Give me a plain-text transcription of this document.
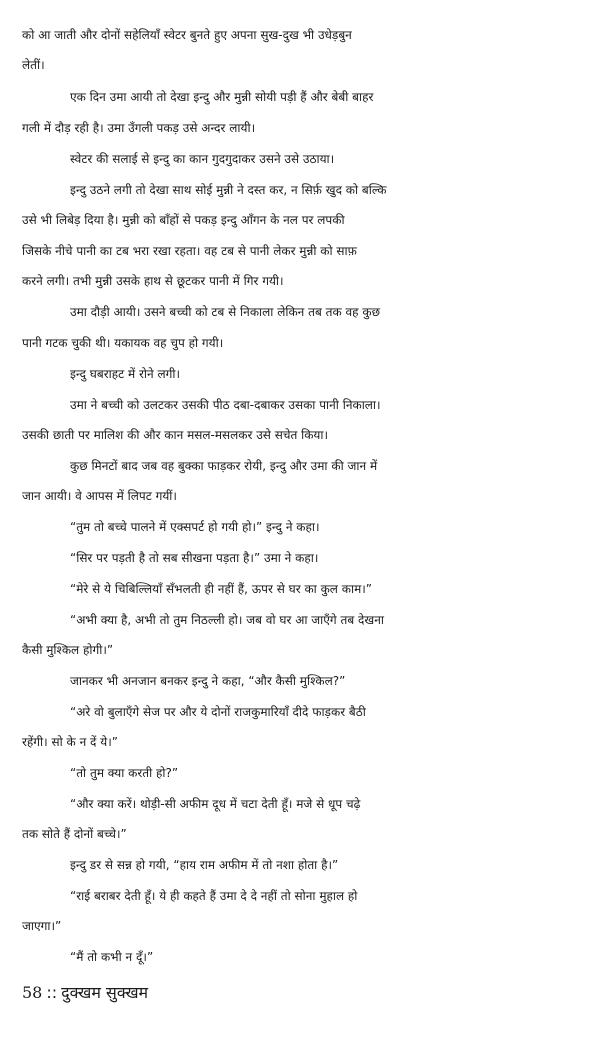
को आ जाती और दोनों सहेलियाँ स्वेटर बुनते हुए अपना सुख-दुख भी उधेड़बुन
लेतीं।
एक दिन उमा आयी तो देखा इन्दु और मुन्नी सोयी पड़ी हैं और बेबी बाहर
गली में दौड़ रही है। उमा उँगली पकड़ उसे अन्दर लायी।
स्वेटर की सलाई से इन्दु का कान गुदगुदाकर उसने उसे उठाया।
इन्दु उठने लगी तो देखा साथ सोई मुन्नी ने दस्त कर, न सिर्फ़ खुद को बल्कि
उसे भी लिबेड़ दिया है। मुन्नी को बाँहों से पकड़ इन्दु आँगन के नल पर लपकी
जिसके नीचे पानी का टब भरा रखा रहता। वह टब से पानी लेकर मुन्नी को साफ़
करने लगी। तभी मुन्नी उसके हाथ से छूटकर पानी में गिर गयी।
उमा दौड़ी आयी। उसने बच्ची को टब से निकाला लेकिन तब तक वह कुछ
पानी गटक चुकी थी। यकायक वह चुप हो गयी।
इन्दु घबराहट में रोने लगी।
उमा ने बच्ची को उलटकर उसकी पीठ दबा-दबाकर उसका पानी निकाला।
उसकी छाती पर मालिश की और कान मसल-मसलकर उसे सचेत किया।
कुछ मिनटों बाद जब वह बुक्का फाड़कर रोयी, इन्दु और उमा की जान में
जान आयी। वे आपस में लिपट गयीं।
“तुम तो बच्चे पालने में एक्सपर्ट हो गयी हो।” इन्दु ने कहा।
“सिर पर पड़ती है तो सब सीखना पड़ता है।” उमा ने कहा।
“मेरे से ये चिबिल्लियाँ सँभलती ही नहीं हैं, ऊपर से घर का कुल काम।”
“अभी क्या है, अभी तो तुम निठल्ली हो। जब वो घर आ जाएँगे तब देखना
कैसी मुश्किल होगी।”
जानकर भी अनजान बनकर इन्दु ने कहा, “और कैसी मुश्किल?”
“अरे वो बुलाएँगे सेज पर और ये दोनों राजकुमारियाँ दीदे फाड़कर बैठी
रहेंगी। सो के न दें ये।”
“तो तुम क्या करती हो?”
“और क्या करें। थोड़ी-सी अफीम दूध में चटा देती हूँ। मजे से धूप चढ़े
तक सोते हैं दोनों बच्चे।”
इन्दु डर से सन्न हो गयी, “हाय राम अफीम में तो नशा होता है।”
“राई बराबर देती हूँ। ये ही कहते हैं उमा दे दे नहीं तो सोना मुहाल हो
जाएगा।”
“मैं तो कभी न दूँ।”
58 :: दुक्खम सुक्खम
